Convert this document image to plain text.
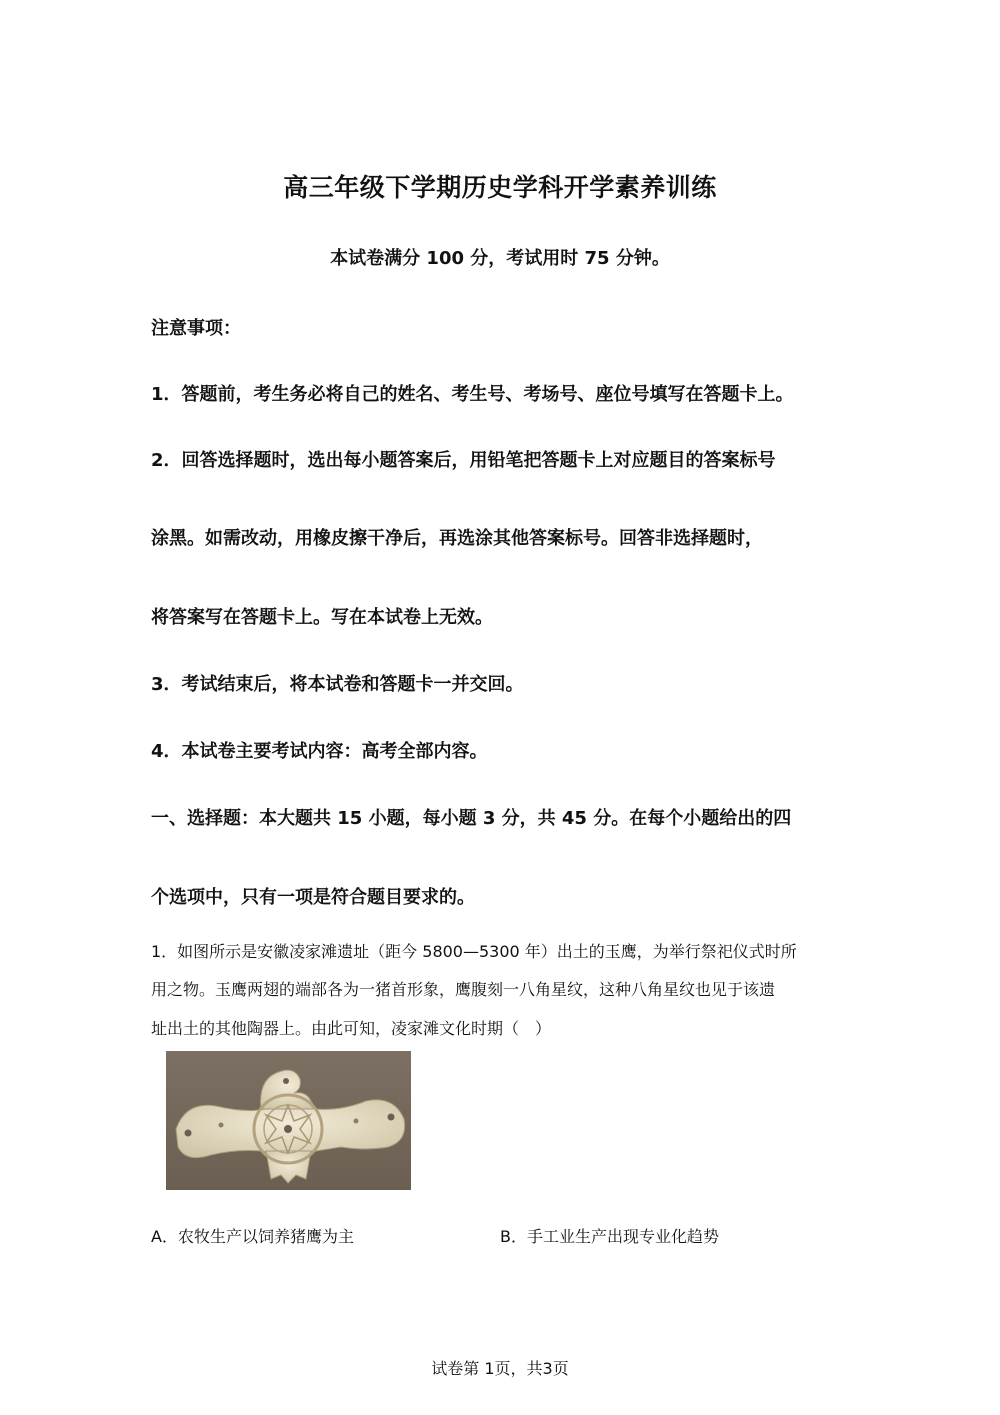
高三年级下学期历史学科开学素养训练
本试卷满分 100 分，考试用时 75 分钟。
注意事项：
1．答题前，考生务必将自己的姓名、考生号、考场号、座位号填写在答题卡上。
2．回答选择题时，选出每小题答案后，用铅笔把答题卡上对应题目的答案标号
涂黑。如需改动，用橡皮擦干净后，再选涂其他答案标号。回答非选择题时，
将答案写在答题卡上。写在本试卷上无效。
3．考试结束后，将本试卷和答题卡一并交回。
4．本试卷主要考试内容：高考全部内容。
一、选择题：本大题共 15 小题，每小题 3 分，共 45 分。在每个小题给出的四
个选项中，只有一项是符合题目要求的。
1．如图所示是安徽凌家滩遗址（距今 5800—5300 年）出土的玉鹰，为举行祭祀仪式时所
用之物。玉鹰两翅的端部各为一猪首形象，鹰腹刻一八角星纹，这种八角星纹也见于该遗
址出土的其他陶器上。由此可知，凌家滩文化时期（　）
A．农牧生产以饲养猪鹰为主	B．手工业生产出现专业化趋势
试卷第 1页，共3页
